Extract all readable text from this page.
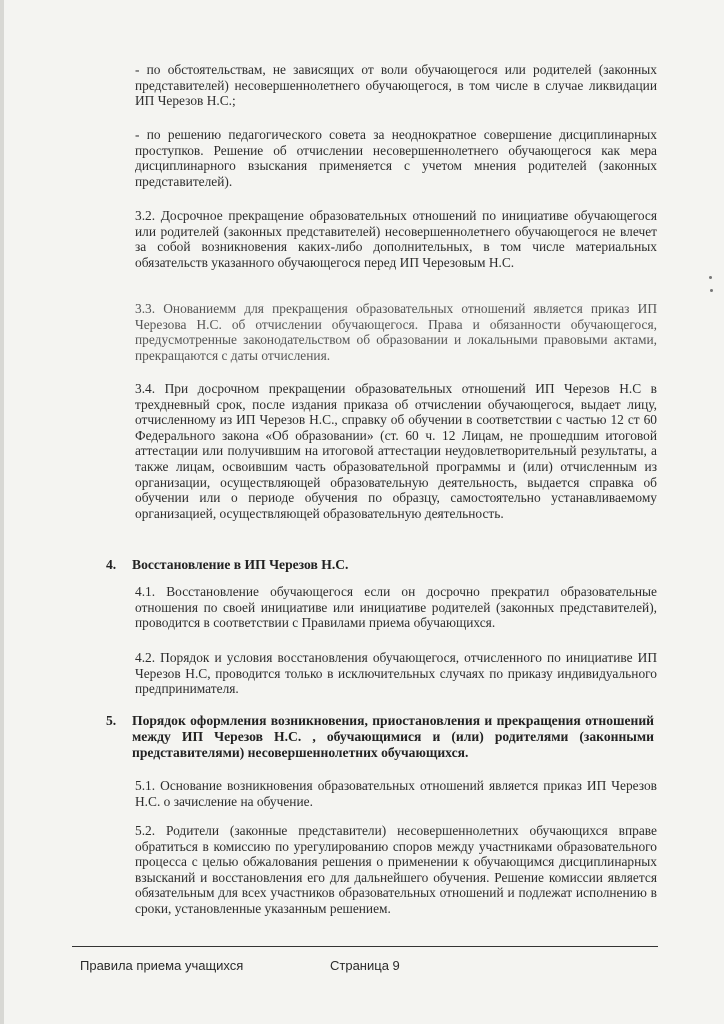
- по обстоятельствам, не зависящих от воли обучающегося или родителей (законных представителей) несовершеннолетнего обучающегося, в том числе в случае ликвидации ИП Черезов Н.С.;
- по решению педагогического совета за неоднократное совершение дисциплинарных проступков. Решение об отчислении несовершеннолетнего обучающегося как мера дисциплинарного взыскания применяется с учетом мнения родителей (законных представителей).
3.2. Досрочное прекращение образовательных отношений по инициативе обучающегося или родителей (законных представителей) несовершеннолетнего обучающегося не влечет за собой возникновения каких-либо дополнительных, в том числе материальных обязательств указанного обучающегося перед ИП Черезовым Н.С.
3.3. Онованиемм для прекращения образовательных отношений является приказ ИП Черезова Н.С. об отчислении обучающегося. Права и обязанности обучающегося, предусмотренные законодательством об образовании и локальными правовыми актами, прекращаются с даты отчисления.
3.4. При досрочном прекращении образовательных отношений ИП Черезов Н.С в трехдневный срок, после издания приказа об отчислении обучающегося, выдает лицу, отчисленному из ИП Черезов Н.С., справку об обучении в соответствии с частью 12 ст 60 Федерального закона «Об образовании» (ст. 60 ч. 12 Лицам, не прошедшим итоговой аттестации или получившим на итоговой аттестации неудовлетворительный результаты, а также лицам, освоившим часть образовательной программы и (или) отчисленным из организации, осуществляющей образовательную деятельность, выдается справка об обучении или о периоде обучения по образцу, самостоятельно устанавливаемому организацией, осуществляющей образовательную деятельность.
4. Восстановление в ИП Черезов Н.С.
4.1. Восстановление обучающегося если он досрочно прекратил образовательные отношения по своей инициативе или инициативе родителей (законных представителей), проводится в соответствии с Правилами приема обучающихся.
4.2. Порядок и условия восстановления обучающегося, отчисленного по инициативе ИП Черезов Н.С, проводится только в исключительных случаях по приказу индивидуального предпринимателя.
5. Порядок оформления возникновения, приостановления и прекращения отношений между ИП Черезов Н.С. , обучающимися и (или) родителями (законными представителями) несовершеннолетних обучающихся.
5.1. Основание возникновения образовательных отношений является приказ ИП Черезов Н.С. о зачисление на обучение.
5.2. Родители (законные представители) несовершеннолетних обучающихся вправе обратиться в комиссию по урегулированию споров между участниками образовательного процесса с целью обжалования решения о применении к обучающимся дисциплинарных взысканий и восстановления его для дальнейшего обучения. Решение комиссии является обязательным для всех участников образовательных отношений и подлежат исполнению в сроки, установленные указанным решением.
Правила приема учащихся	Страница 9
